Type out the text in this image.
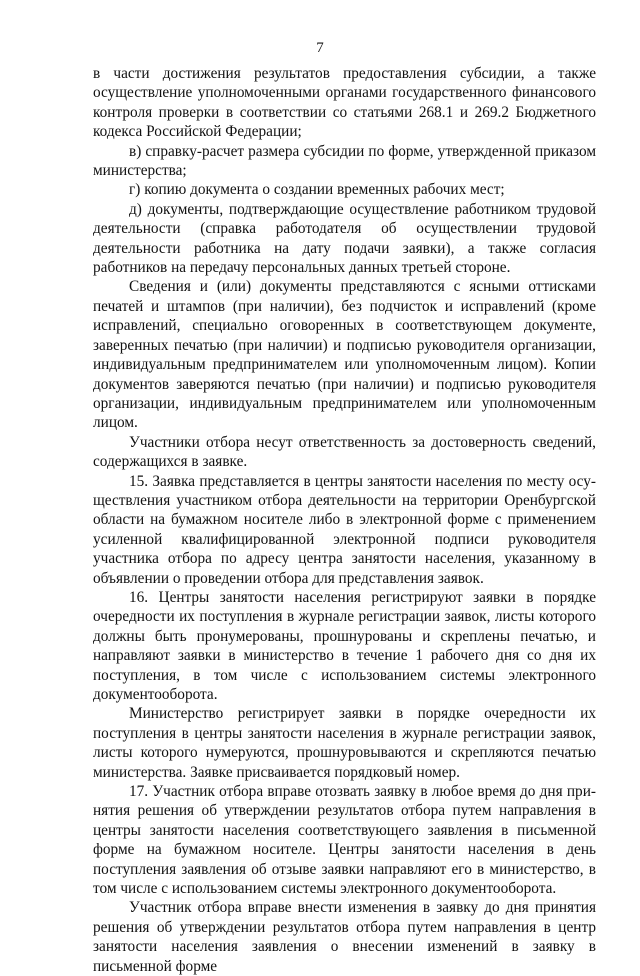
7

в части достижения результатов предоставления субсидии, а также осуществление уполномоченными органами государственного финансового контроля проверки в соответствии со статьями 268.1 и 269.2 Бюджетного кодекса Российской Федерации;

в) справку-расчет размера субсидии по форме, утвержденной приказом министерства;

г) копию документа о создании временных рабочих мест;

д) документы, подтверждающие осуществление работником трудовой деятельности (справка работодателя об осуществлении трудовой деятельности работника на дату подачи заявки), а также согласия работников на передачу персональных данных третьей стороне.

Сведения и (или) документы представляются с ясными оттисками печатей и штампов (при наличии), без подчисток и исправлений (кроме исправлений, специально оговоренных в соответствующем документе, заверенных печатью (при наличии) и подписью руководителя организации, индивидуальным предпринимателем или уполномоченным лицом). Копии документов заверяются печатью (при наличии) и подписью руководителя организации, индивидуальным предпринимателем или уполномоченным лицом.

Участники отбора несут ответственность за достоверность сведений, содержащихся в заявке.

15. Заявка представляется в центры занятости населения по месту осуществления участником отбора деятельности на территории Оренбургской области на бумажном носителе либо в электронной форме с применением усиленной квалифицированной электронной подписи руководителя участника отбора по адресу центра занятости населения, указанному в объявлении о проведении отбора для представления заявок.

16. Центры занятости населения регистрируют заявки в порядке очередности их поступления в журнале регистрации заявок, листы которого должны быть пронумерованы, прошнурованы и скреплены печатью, и направляют заявки в министерство в течение 1 рабочего дня со дня их поступления, в том числе с использованием системы электронного документооборота.

Министерство регистрирует заявки в порядке очередности их поступления в центры занятости населения в журнале регистрации заявок, листы которого нумеруются, прошнуровываются и скрепляются печатью министерства. Заявке присваивается порядковый номер.

17. Участник отбора вправе отозвать заявку в любое время до дня принятия решения об утверждении результатов отбора путем направления в центры занятости населения соответствующего заявления в письменной форме на бумажном носителе. Центры занятости населения в день поступления заявления об отзыве заявки направляют его в министерство, в том числе с использованием системы электронного документооборота.

Участник отбора вправе внести изменения в заявку до дня принятия решения об утверждении результатов отбора путем направления в центр занятости населения заявления о внесении изменений в заявку в письменной форме
